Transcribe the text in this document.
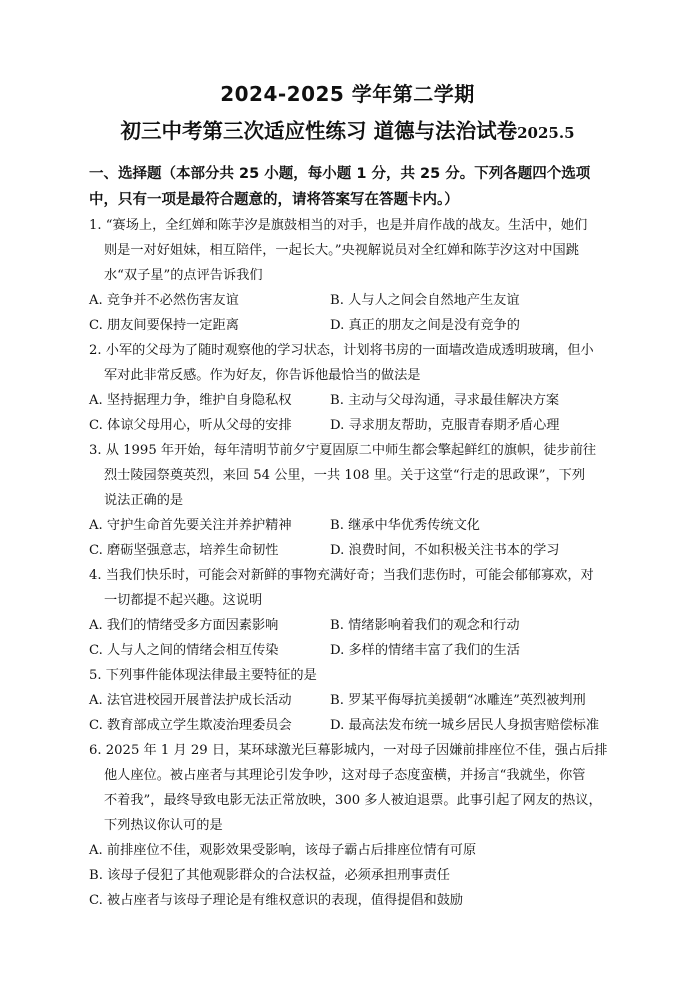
2024-2025 学年第二学期
初三中考第三次适应性练习 道德与法治试卷2025.5
一、选择题（本部分共 25 小题，每小题 1 分，共 25 分。下列各题四个选项
中，只有一项是最符合题意的，请将答案写在答题卡内。）
1. “赛场上，全红婵和陈芋汐是旗鼓相当的对手，也是并肩作战的战友。生活中，她们
则是一对好姐妹，相互陪伴，一起长大。”央视解说员对全红婵和陈芋汐这对中国跳
水“双子星”的点评告诉我们
A. 竞争并不必然伤害友谊	B. 人与人之间会自然地产生友谊
C. 朋友间要保持一定距离	D. 真正的朋友之间是没有竞争的
2. 小军的父母为了随时观察他的学习状态，计划将书房的一面墙改造成透明玻璃，但小
军对此非常反感。作为好友，你告诉他最恰当的做法是
A. 坚持据理力争，维护自身隐私权	B. 主动与父母沟通，寻求最佳解决方案
C. 体谅父母用心，听从父母的安排	D. 寻求朋友帮助，克服青春期矛盾心理
3. 从 1995 年开始，每年清明节前夕宁夏固原二中师生都会擎起鲜红的旗帜，徒步前往
烈士陵园祭奠英烈，来回 54 公里，一共 108 里。关于这堂“行走的思政课”，下列
说法正确的是
A. 守护生命首先要关注并养护精神	B. 继承中华优秀传统文化
C. 磨砺坚强意志，培养生命韧性	D. 浪费时间，不如积极关注书本的学习
4. 当我们快乐时，可能会对新鲜的事物充满好奇；当我们悲伤时，可能会郁郁寡欢，对
一切都提不起兴趣。这说明
A. 我们的情绪受多方面因素影响	B. 情绪影响着我们的观念和行动
C. 人与人之间的情绪会相互传染	D. 多样的情绪丰富了我们的生活
5. 下列事件能体现法律最主要特征的是
A. 法官进校园开展普法护成长活动	B. 罗某平侮辱抗美援朝“冰雕连”英烈被判刑
C. 教育部成立学生欺凌治理委员会	D. 最高法发布统一城乡居民人身损害赔偿标准
6. 2025 年 1 月 29 日，某环球激光巨幕影城内，一对母子因嫌前排座位不佳，强占后排
他人座位。被占座者与其理论引发争吵，这对母子态度蛮横，并扬言“我就坐，你管
不着我”，最终导致电影无法正常放映，300 多人被迫退票。此事引起了网友的热议，
下列热议你认可的是
A. 前排座位不佳，观影效果受影响，该母子霸占后排座位情有可原
B. 该母子侵犯了其他观影群众的合法权益，必须承担刑事责任
C. 被占座者与该母子理论是有维权意识的表现，值得提倡和鼓励
